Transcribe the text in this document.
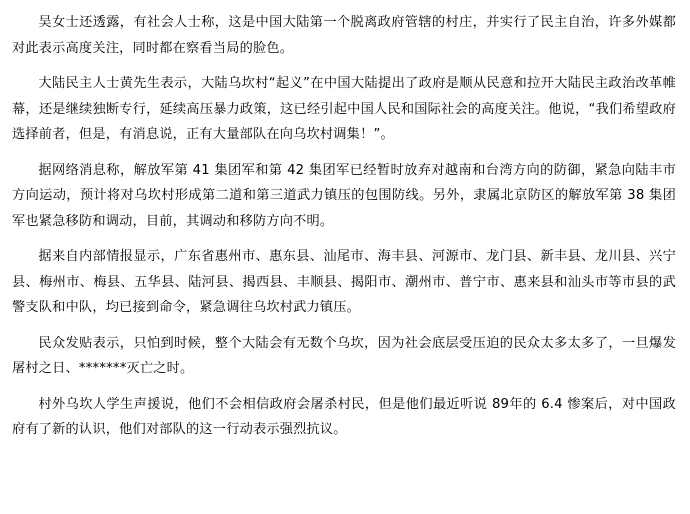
吴女士还透露，有社会人士称，这是中国大陆第一个脱离政府管辖的村庄，并实行了民主自治，许多外媒都对此表示高度关注，同时都在察看当局的脸色。

大陆民主人士黄先生表示，大陆乌坎村“起义”在中国大陆提出了政府是顺从民意和拉开大陆民主政治改革帷幕，还是继续独断专行，延续高压暴力政策，这已经引起中国人民和国际社会的高度关注。他说，“我们希望政府选择前者，但是，有消息说，正有大量部队在向乌坎村调集！”。

据网络消息称，解放军第 41 集团军和第 42 集团军已经暂时放弃对越南和台湾方向的防御，紧急向陆丰市方向运动，预计将对乌坎村形成第二道和第三道武力镇压的包围防线。另外，隶属北京防区的解放军第 38 集团军也紧急移防和调动，目前，其调动和移防方向不明。

据来自内部情报显示，广东省惠州市、惠东县、汕尾市、海丰县、河源市、龙门县、新丰县、龙川县、兴宁县、梅州市、梅县、五华县、陆河县、揭西县、丰顺县、揭阳市、潮州市、普宁市、惠来县和汕头市等市县的武警支队和中队，均已接到命令，紧急调往乌坎村武力镇压。

民众发贴表示，只怕到时候，整个大陆会有无数个乌坎，因为社会底层受压迫的民众太多太多了，一旦爆发屠村之日、*******灭亡之时。

村外乌坎人学生声援说，他们不会相信政府会屠杀村民，但是他们最近听说 89年的 6.4 惨案后，对中国政府有了新的认识，他们对部队的这一行动表示强烈抗议。
